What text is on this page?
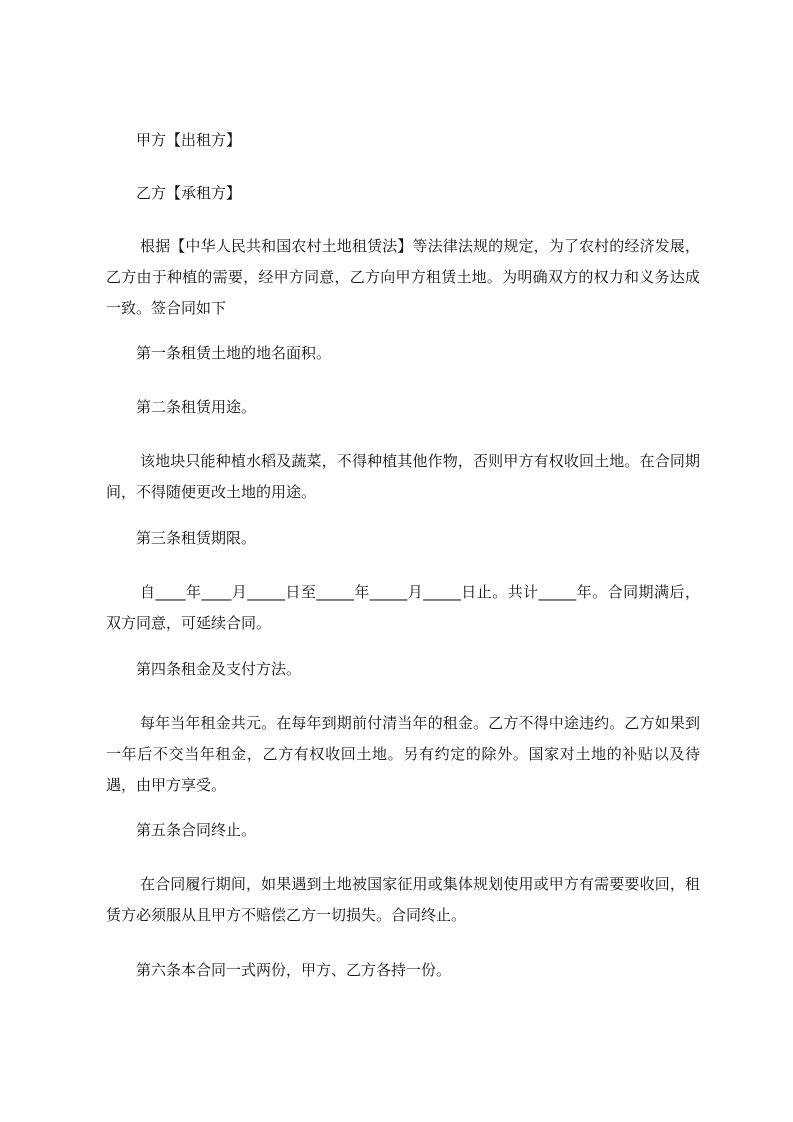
甲方【出租方】

乙方【承租方】

根据【中华人民共和国农村土地租赁法】等法律法规的规定，为了农村的经济发展，乙方由于种植的需要，经甲方同意，乙方向甲方租赁土地。为明确双方的权力和义务达成一致。签合同如下

第一条租赁土地的地名面积。

第二条租赁用途。

该地块只能种植水稻及蔬菜，不得种植其他作物，否则甲方有权收回土地。在合同期间，不得随便更改土地的用途。

第三条租赁期限。

自____年____月_____日至_____年_____月_____日止。共计_____年。合同期满后，双方同意，可延续合同。

第四条租金及支付方法。

每年当年租金共元。在每年到期前付清当年的租金。乙方不得中途违约。乙方如果到一年后不交当年租金，乙方有权收回土地。另有约定的除外。国家对土地的补贴以及待遇，由甲方享受。

第五条合同终止。

在合同履行期间，如果遇到土地被国家征用或集体规划使用或甲方有需要要收回，租赁方必须服从且甲方不赔偿乙方一切损失。合同终止。

第六条本合同一式两份，甲方、乙方各持一份。
